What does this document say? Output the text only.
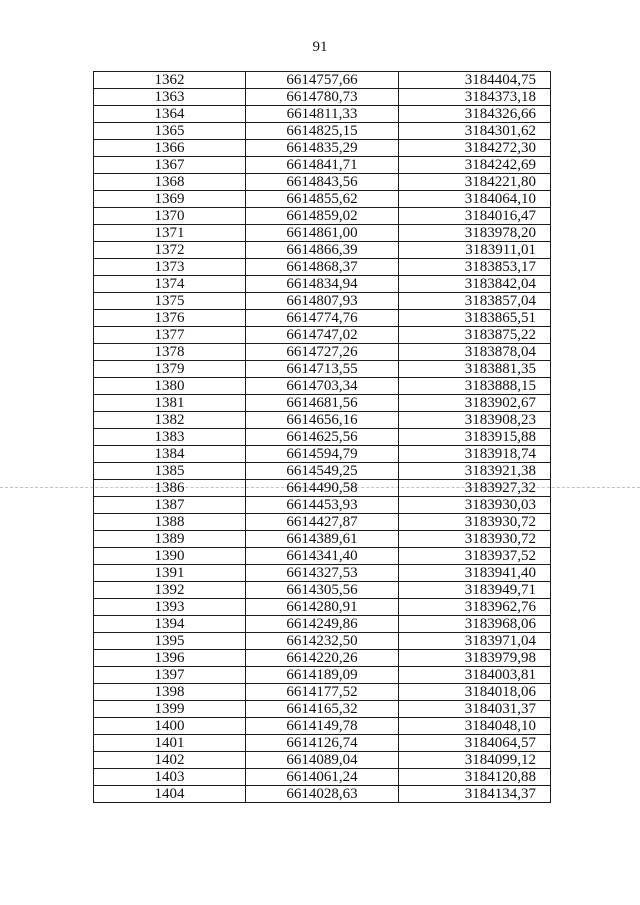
91
1362	6614757,66	3184404,75
1363	6614780,73	3184373,18
1364	6614811,33	3184326,66
1365	6614825,15	3184301,62
1366	6614835,29	3184272,30
1367	6614841,71	3184242,69
1368	6614843,56	3184221,80
1369	6614855,62	3184064,10
1370	6614859,02	3184016,47
1371	6614861,00	3183978,20
1372	6614866,39	3183911,01
1373	6614868,37	3183853,17
1374	6614834,94	3183842,04
1375	6614807,93	3183857,04
1376	6614774,76	3183865,51
1377	6614747,02	3183875,22
1378	6614727,26	3183878,04
1379	6614713,55	3183881,35
1380	6614703,34	3183888,15
1381	6614681,56	3183902,67
1382	6614656,16	3183908,23
1383	6614625,56	3183915,88
1384	6614594,79	3183918,74
1385	6614549,25	3183921,38
1386	6614490,58	3183927,32
1387	6614453,93	3183930,03
1388	6614427,87	3183930,72
1389	6614389,61	3183930,72
1390	6614341,40	3183937,52
1391	6614327,53	3183941,40
1392	6614305,56	3183949,71
1393	6614280,91	3183962,76
1394	6614249,86	3183968,06
1395	6614232,50	3183971,04
1396	6614220,26	3183979,98
1397	6614189,09	3184003,81
1398	6614177,52	3184018,06
1399	6614165,32	3184031,37
1400	6614149,78	3184048,10
1401	6614126,74	3184064,57
1402	6614089,04	3184099,12
1403	6614061,24	3184120,88
1404	6614028,63	3184134,37
